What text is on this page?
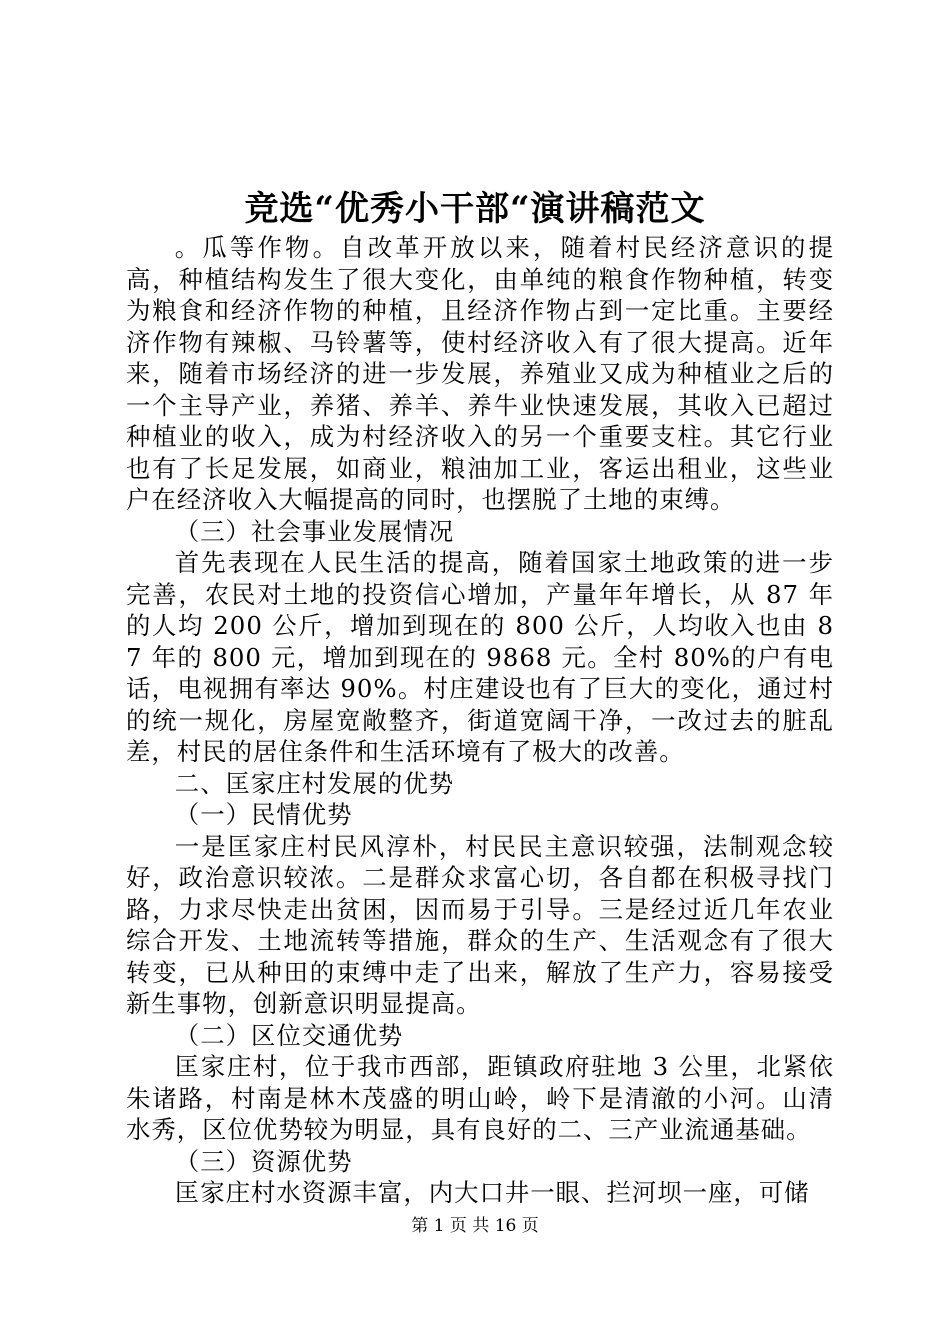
竞选“优秀小干部“演讲稿范文

。瓜等作物。自改革开放以来，随着村民经济意识的提高，种植结构发生了很大变化，由单纯的粮食作物种植，转变为粮食和经济作物的种植，且经济作物占到一定比重。主要经济作物有辣椒、马铃薯等，使村经济收入有了很大提高。近年来，随着市场经济的进一步发展，养殖业又成为种植业之后的一个主导产业，养猪、养羊、养牛业快速发展，其收入已超过种植业的收入，成为村经济收入的另一个重要支柱。其它行业也有了长足发展，如商业，粮油加工业，客运出租业，这些业户在经济收入大幅提高的同时，也摆脱了土地的束缚。

（三）社会事业发展情况

首先表现在人民生活的提高，随着国家土地政策的进一步完善，农民对土地的投资信心增加，产量年年增长，从 87 年的人均 200 公斤，增加到现在的 800 公斤，人均收入也由 87 年的 800 元，增加到现在的 9868 元。全村 80%的户有电话，电视拥有率达 90%。村庄建设也有了巨大的变化，通过村的统一规化，房屋宽敞整齐，街道宽阔干净，一改过去的脏乱差，村民的居住条件和生活环境有了极大的改善。

二、匡家庄村发展的优势

（一）民情优势

一是匡家庄村民风淳朴，村民民主意识较强，法制观念较好，政治意识较浓。二是群众求富心切，各自都在积极寻找门路，力求尽快走出贫困，因而易于引导。三是经过近几年农业综合开发、土地流转等措施，群众的生产、生活观念有了很大转变，已从种田的束缚中走了出来，解放了生产力，容易接受新生事物，创新意识明显提高。

（二）区位交通优势

匡家庄村，位于我市西部，距镇政府驻地 3 公里，北紧依朱诸路，村南是林木茂盛的明山岭，岭下是清澈的小河。山清水秀，区位优势较为明显，具有良好的二、三产业流通基础。

（三）资源优势

匡家庄村水资源丰富，内大口井一眼、拦河坝一座，可储

第 1 页 共 16 页
